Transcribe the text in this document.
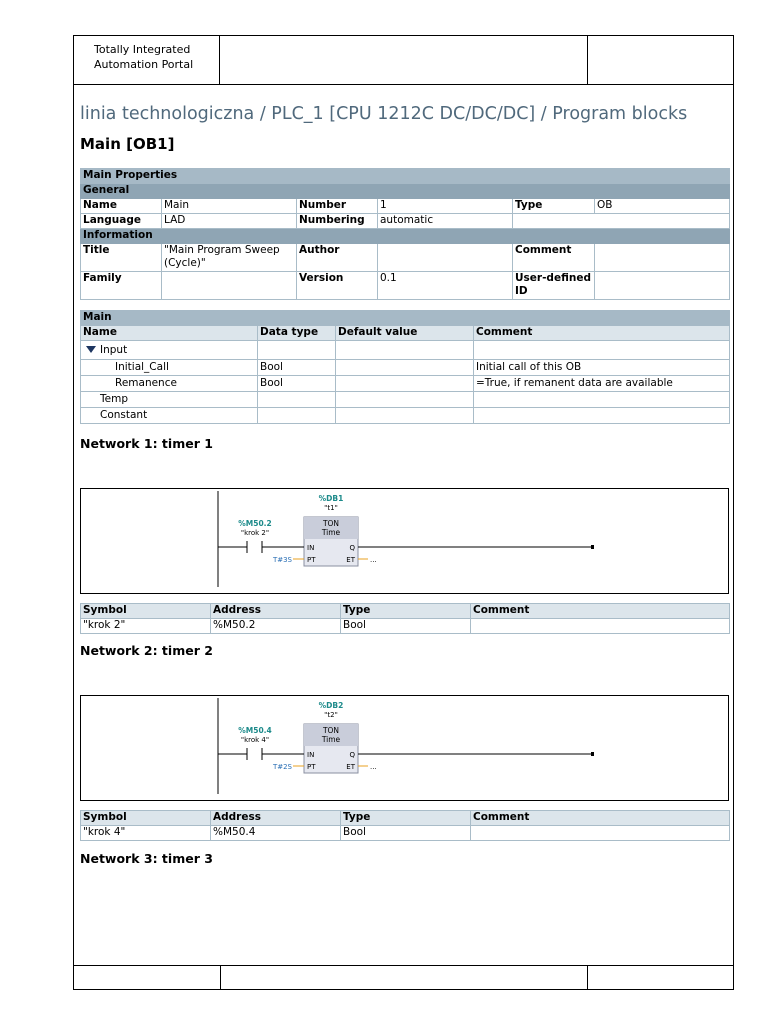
Totally Integrated
Automation Portal
linia technologiczna / PLC_1 [CPU 1212C DC/DC/DC] / Program blocks
Main [OB1]
Main Properties					
General					
Name	Main	Number	1	Type	OB
Language	LAD	Numbering	automatic		
Information					
Title	"Main Program Sweep (Cycle)"	Author		Comment	
Family		Version	0.1	User-defined ID	
Main			
Name	Data type	Default value	Comment
Input			
Initial_Call	Bool		Initial call of this OB
Remanence	Bool		=True, if remanent data are available
Temp			
Constant			
Network 1: timer 1
%DB1
"t1"
TON
Time
IN
PT
Q
ET
%M50.2
"krok 2"
T#3S	...
Symbol	Address	Type	Comment
"krok 2"	%M50.2	Bool	
Network 2: timer 2
%DB2
"t2"
TON
Time
IN
PT
Q
ET
%M50.4
"krok 4"
T#2S	...
Symbol	Address	Type	Comment
"krok 4"	%M50.4	Bool	
Network 3: timer 3
